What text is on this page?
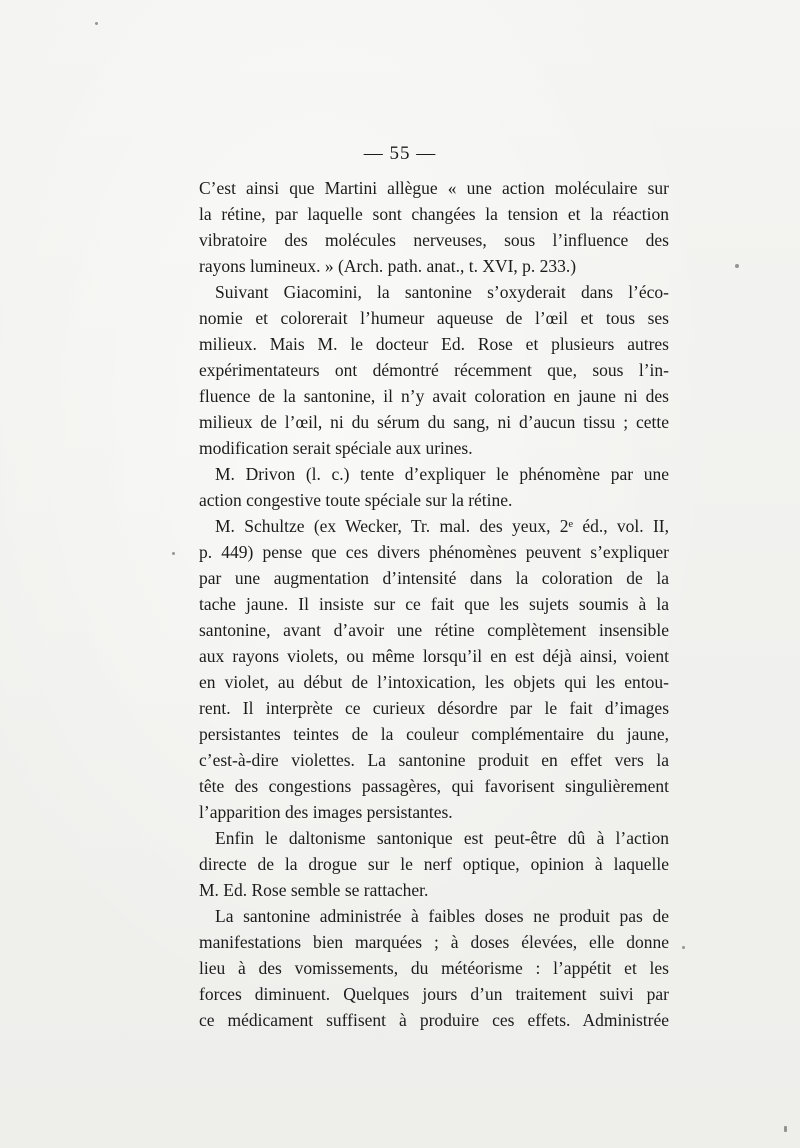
— 55 —
C’est ainsi que Martini allègue « une action moléculaire sur
la rétine, par laquelle sont changées la tension et la réaction
vibratoire des molécules nerveuses, sous l’influence des
rayons lumineux. » (Arch. path. anat., t. XVI, p. 233.)
Suivant Giacomini, la santonine s’oxyderait dans l’éco-
nomie et colorerait l’humeur aqueuse de l’œil et tous ses
milieux. Mais M. le docteur Ed. Rose et plusieurs autres
expérimentateurs ont démontré récemment que, sous l’in-
fluence de la santonine, il n’y avait coloration en jaune ni des
milieux de l’œil, ni du sérum du sang, ni d’aucun tissu ; cette
modification serait spéciale aux urines.
M. Drivon (l. c.) tente d’expliquer le phénomène par une
action congestive toute spéciale sur la rétine.
M. Schultze (ex Wecker, Tr. mal. des yeux, 2ᵉ éd., vol. II,
p. 449) pense que ces divers phénomènes peuvent s’expliquer
par une augmentation d’intensité dans la coloration de la
tache jaune. Il insiste sur ce fait que les sujets soumis à la
santonine, avant d’avoir une rétine complètement insensible
aux rayons violets, ou même lorsqu’il en est déjà ainsi, voient
en violet, au début de l’intoxication, les objets qui les entou-
rent. Il interprète ce curieux désordre par le fait d’images
persistantes teintes de la couleur complémentaire du jaune,
c’est-à-dire violettes. La santonine produit en effet vers la
tête des congestions passagères, qui favorisent singulièrement
l’apparition des images persistantes.
Enfin le daltonisme santonique est peut-être dû à l’action
directe de la drogue sur le nerf optique, opinion à laquelle
M. Ed. Rose semble se rattacher.
La santonine administrée à faibles doses ne produit pas de
manifestations bien marquées ; à doses élevées, elle donne
lieu à des vomissements, du météorisme : l’appétit et les
forces diminuent. Quelques jours d’un traitement suivi par
ce médicament suffisent à produire ces effets. Administrée
